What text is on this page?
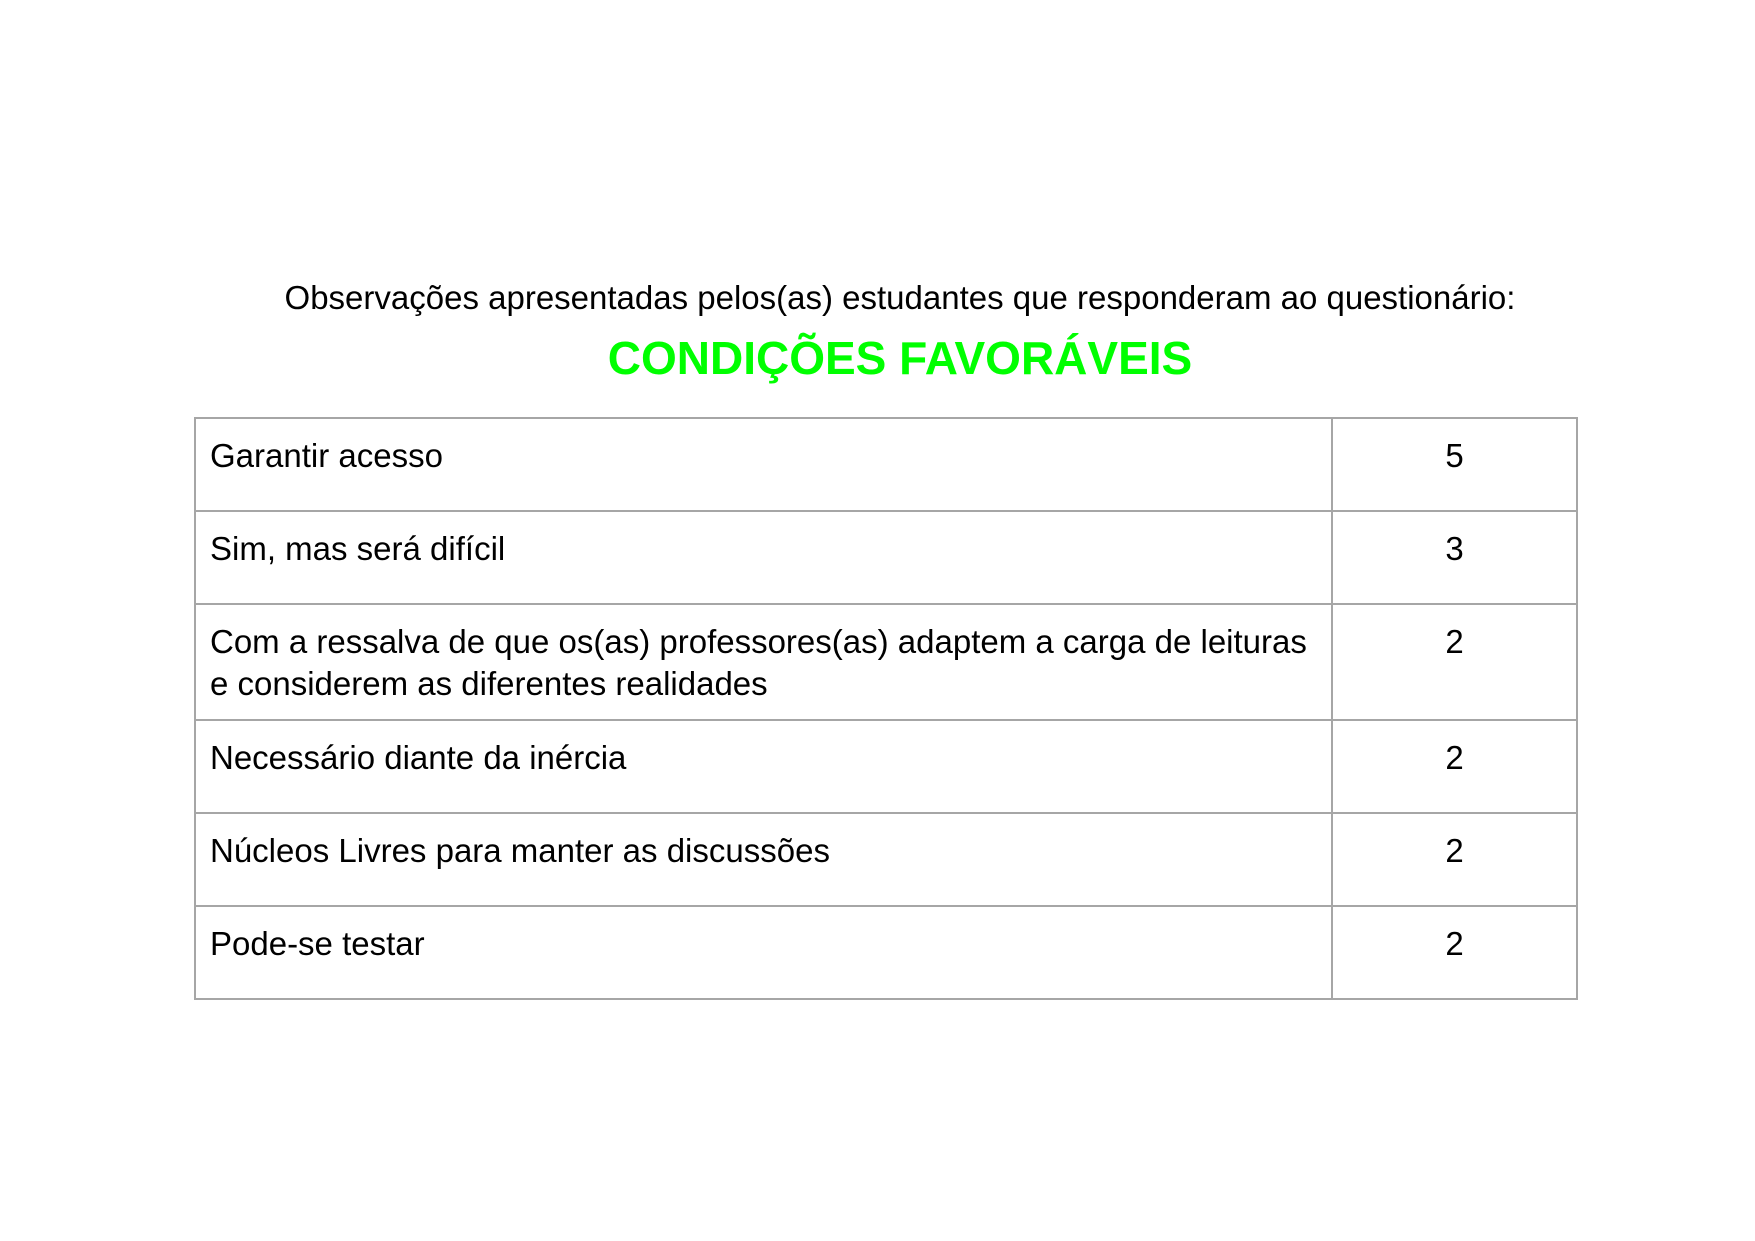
Observações apresentadas pelos(as) estudantes que responderam ao questionário:
CONDIÇÕES FAVORÁVEIS
Garantir acesso	5
Sim, mas será difícil	3
Com a ressalva de que os(as) professores(as) adaptem a carga de leituras e considerem as diferentes realidades	2
Necessário diante da inércia	2
Núcleos Livres para manter as discussões	2
Pode-se testar	2
